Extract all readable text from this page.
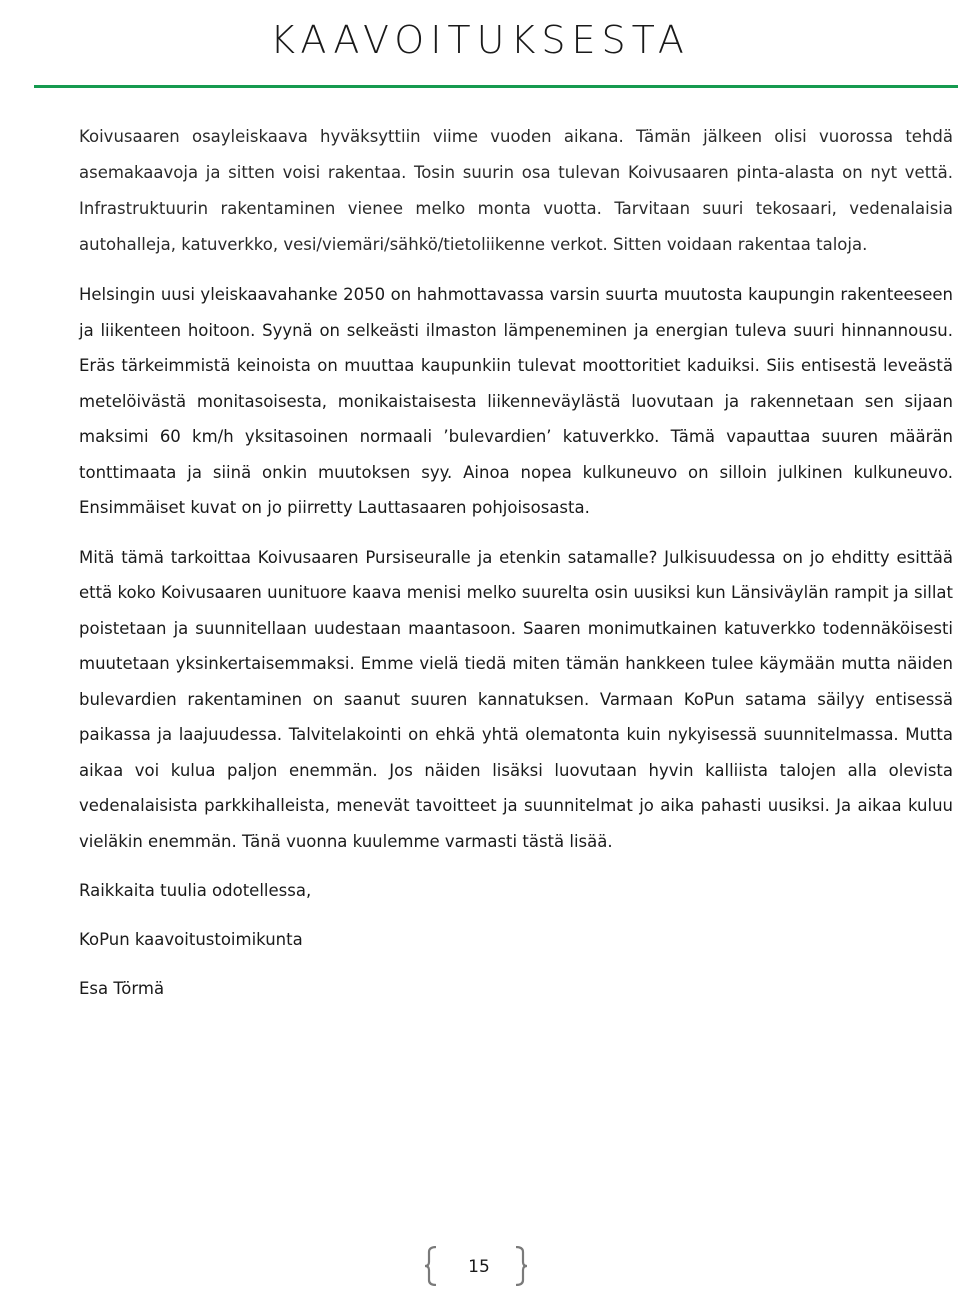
KAAVOITUKSESTA

Koivusaaren osayleiskaava hyväksyttiin viime vuoden aikana. Tämän jälkeen olisi vuorossa tehdä asemakaavoja ja sitten voisi rakentaa. Tosin suurin osa tulevan Koivusaaren pinta-alasta on nyt vettä. Infrastruktuurin rakentaminen vienee melko monta vuotta. Tarvitaan suuri tekosaari, vedenalaisia autohalleja, katuverkko, vesi/viemäri/sähkö/tietoliikenne verkot. Sitten voidaan rakentaa taloja.

Helsingin uusi yleiskaavahanke 2050 on hahmottavassa varsin suurta muutosta kaupungin rakenteeseen ja liikenteen hoitoon. Syynä on selkeästi ilmaston lämpeneminen ja energian tuleva suuri hinnannousu. Eräs tärkeimmistä keinoista on muuttaa kaupunkiin tulevat moottoritiet kaduiksi. Siis entisestä leveästä metelöivästä monitasoisesta, monikaistaisesta liikenneväylästä luovutaan ja rakennetaan sen sijaan maksimi 60 km/h yksitasoinen normaali ’bulevardien’ katuverkko. Tämä vapauttaa suuren määrän tonttimaata ja siinä onkin muutoksen syy. Ainoa nopea kulkuneuvo on silloin julkinen kulkuneuvo. Ensimmäiset kuvat on jo piirretty Lauttasaaren pohjoisosasta.

Mitä tämä tarkoittaa Koivusaaren Pursiseuralle ja etenkin satamalle? Julkisuudessa on jo ehditty esittää että koko Koivusaaren uunituore kaava menisi melko suurelta osin uusiksi kun Länsiväylän rampit ja sillat poistetaan ja suunnitellaan uudestaan maantasoon. Saaren monimutkainen katuverkko todennäköisesti muutetaan yksinkertaisemmaksi. Emme vielä tiedä miten tämän hankkeen tulee käymään mutta näiden bulevardien rakentaminen on saanut suuren kannatuksen. Varmaan KoPun satama säilyy entisessä paikassa ja laajuudessa. Talvitelakointi on ehkä yhtä olematonta kuin nykyisessä suunnitelmassa. Mutta aikaa voi kulua paljon enemmän. Jos näiden lisäksi luovutaan hyvin kalliista talojen alla olevista vedenalaisista parkkihalleista, menevät tavoitteet ja suunnitelmat jo aika pahasti uusiksi. Ja aikaa kuluu vieläkin enemmän. Tänä vuonna kuulemme varmasti tästä lisää.

Raikkaita tuulia odotellessa,

KoPun kaavoitustoimikunta

Esa Törmä

15
